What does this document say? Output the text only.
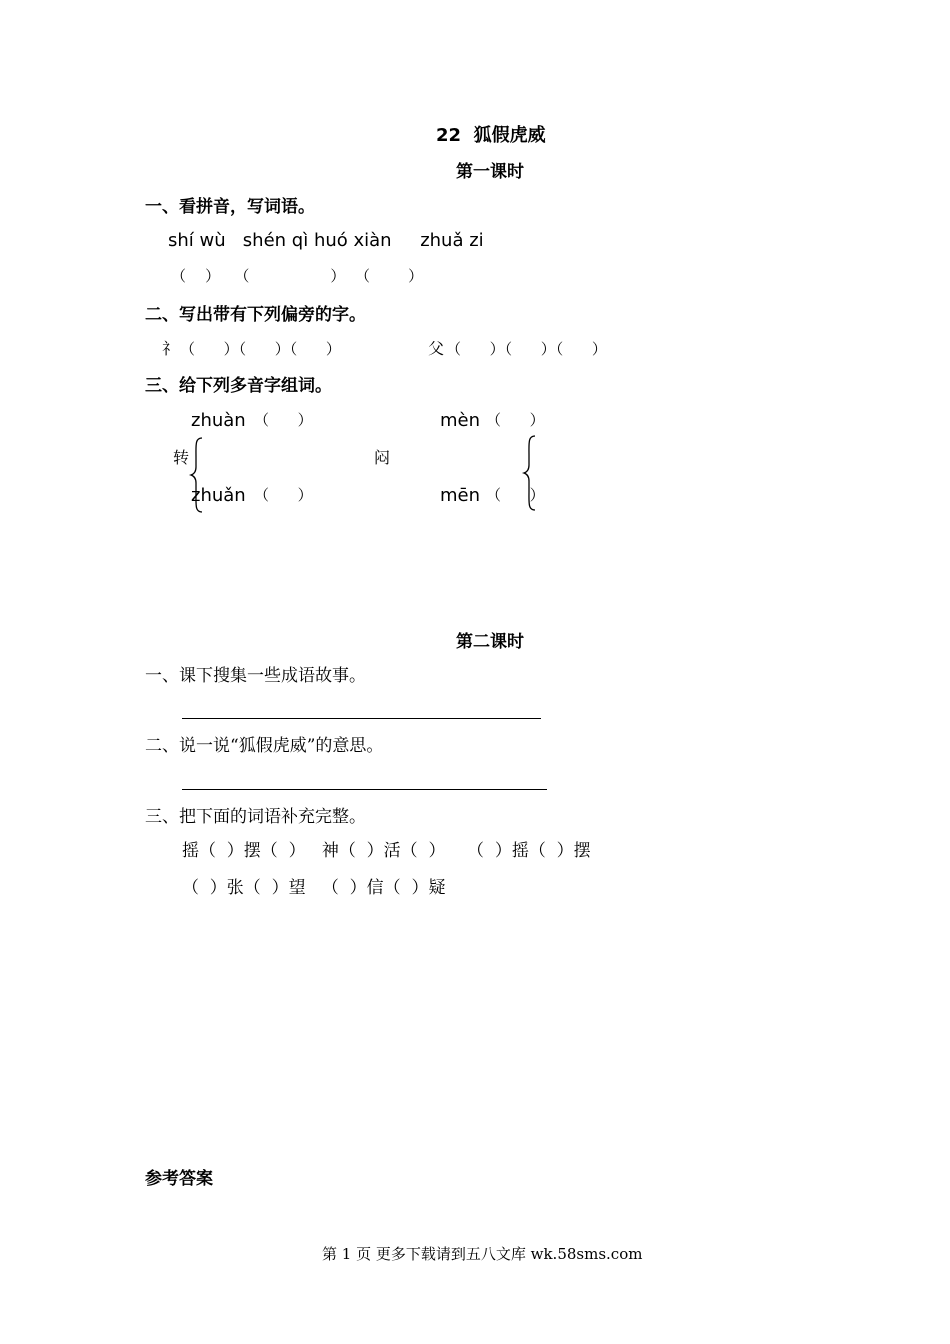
22  狐假虎威
第一课时
一、看拼音，写词语。
shí wù   shén qì huó xiàn     zhuǎ zi
（    ）   （                 ）  （        ）
二、写出带有下列偏旁的字。
礻 （      ）（      ）（      ）	父 （      ）（      ）（      ）
三、给下列多音字组词。
zhuàn （      ）
转
zhuǎn （      ）
mèn （      ）
闷
mēn （      ）
第二课时
一、课下搜集一些成语故事。
二、说一说“狐假虎威”的意思。
三、把下面的词语补充完整。
摇（  ）摆（  ）   神（  ）活（  ）    （  ）摇（  ）摆
（  ）张（  ）望   （  ）信（  ）疑
参考答案
第 1 页 更多下载请到五八文库 wk.58sms.com
